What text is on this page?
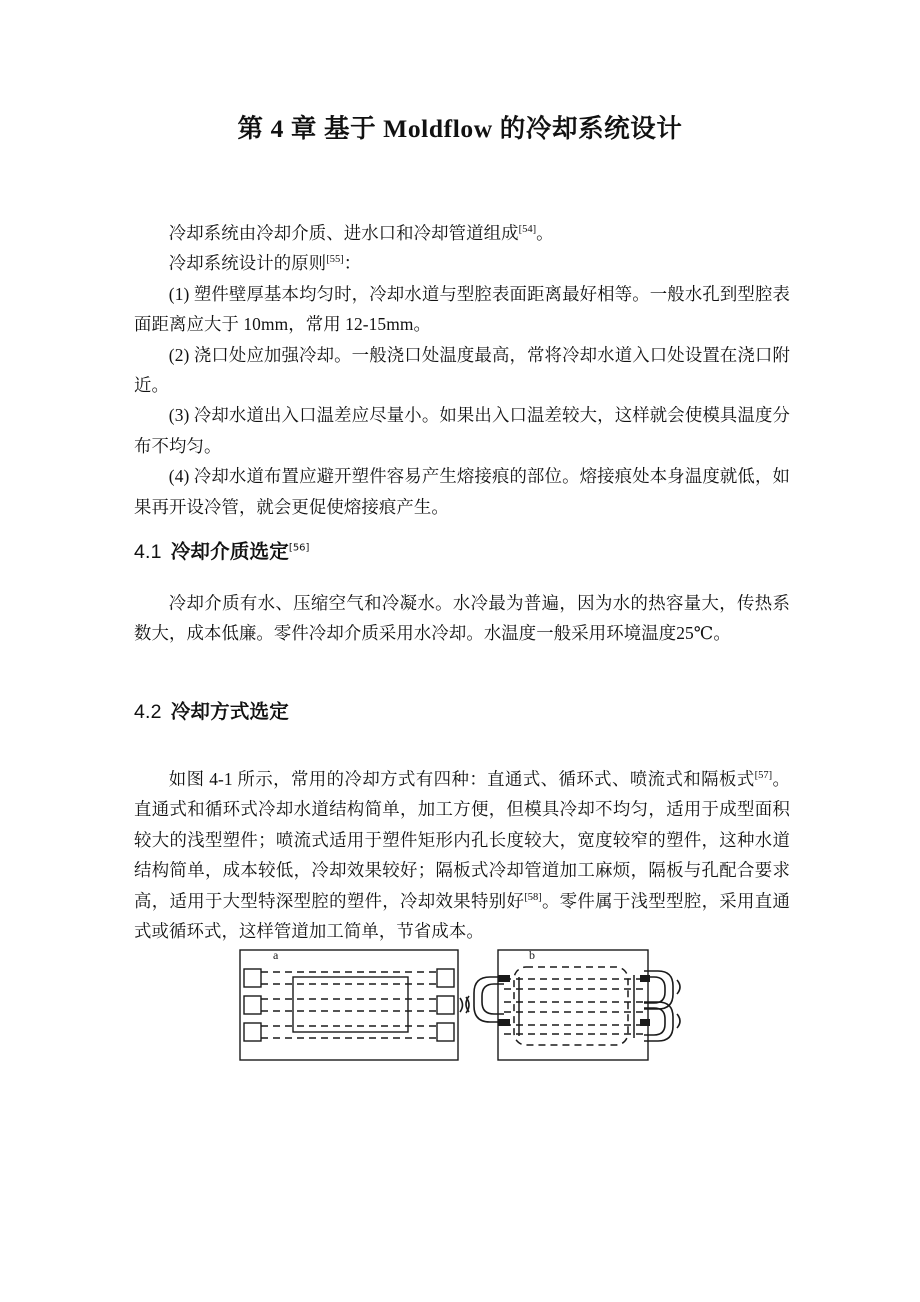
第 4 章 基于 Moldflow 的冷却系统设计

冷却系统由冷却介质、进水口和冷却管道组成[54]。

冷却系统设计的原则[55]：

(1) 塑件壁厚基本均匀时，冷却水道与型腔表面距离最好相等。一般水孔到型腔表面距离应大于 10mm，常用 12-15mm。

(2) 浇口处应加强冷却。一般浇口处温度最高，常将冷却水道入口处设置在浇口附近。

(3) 冷却水道出入口温差应尽量小。如果出入口温差较大，这样就会使模具温度分布不均匀。

(4) 冷却水道布置应避开塑件容易产生熔接痕的部位。熔接痕处本身温度就低，如果再开设冷管，就会更促使熔接痕产生。

4.1 冷却介质选定[56]

冷却介质有水、压缩空气和冷凝水。水冷最为普遍，因为水的热容量大，传热系数大，成本低廉。零件冷却介质采用水冷却。水温度一般采用环境温度25℃。

4.2 冷却方式选定

如图 4-1 所示，常用的冷却方式有四种：直通式、循环式、喷流式和隔板式[57]。直通式和循环式冷却水道结构简单，加工方便，但模具冷却不均匀，适用于成型面积较大的浅型塑件；喷流式适用于塑件矩形内孔长度较大，宽度较窄的塑件，这种水道结构简单，成本较低，冷却效果较好；隔板式冷却管道加工麻烦，隔板与孔配合要求高，适用于大型特深型腔的塑件，冷却效果特别好[58]。零件属于浅型型腔，采用直通式或循环式，这样管道加工简单，节省成本。

a	b
